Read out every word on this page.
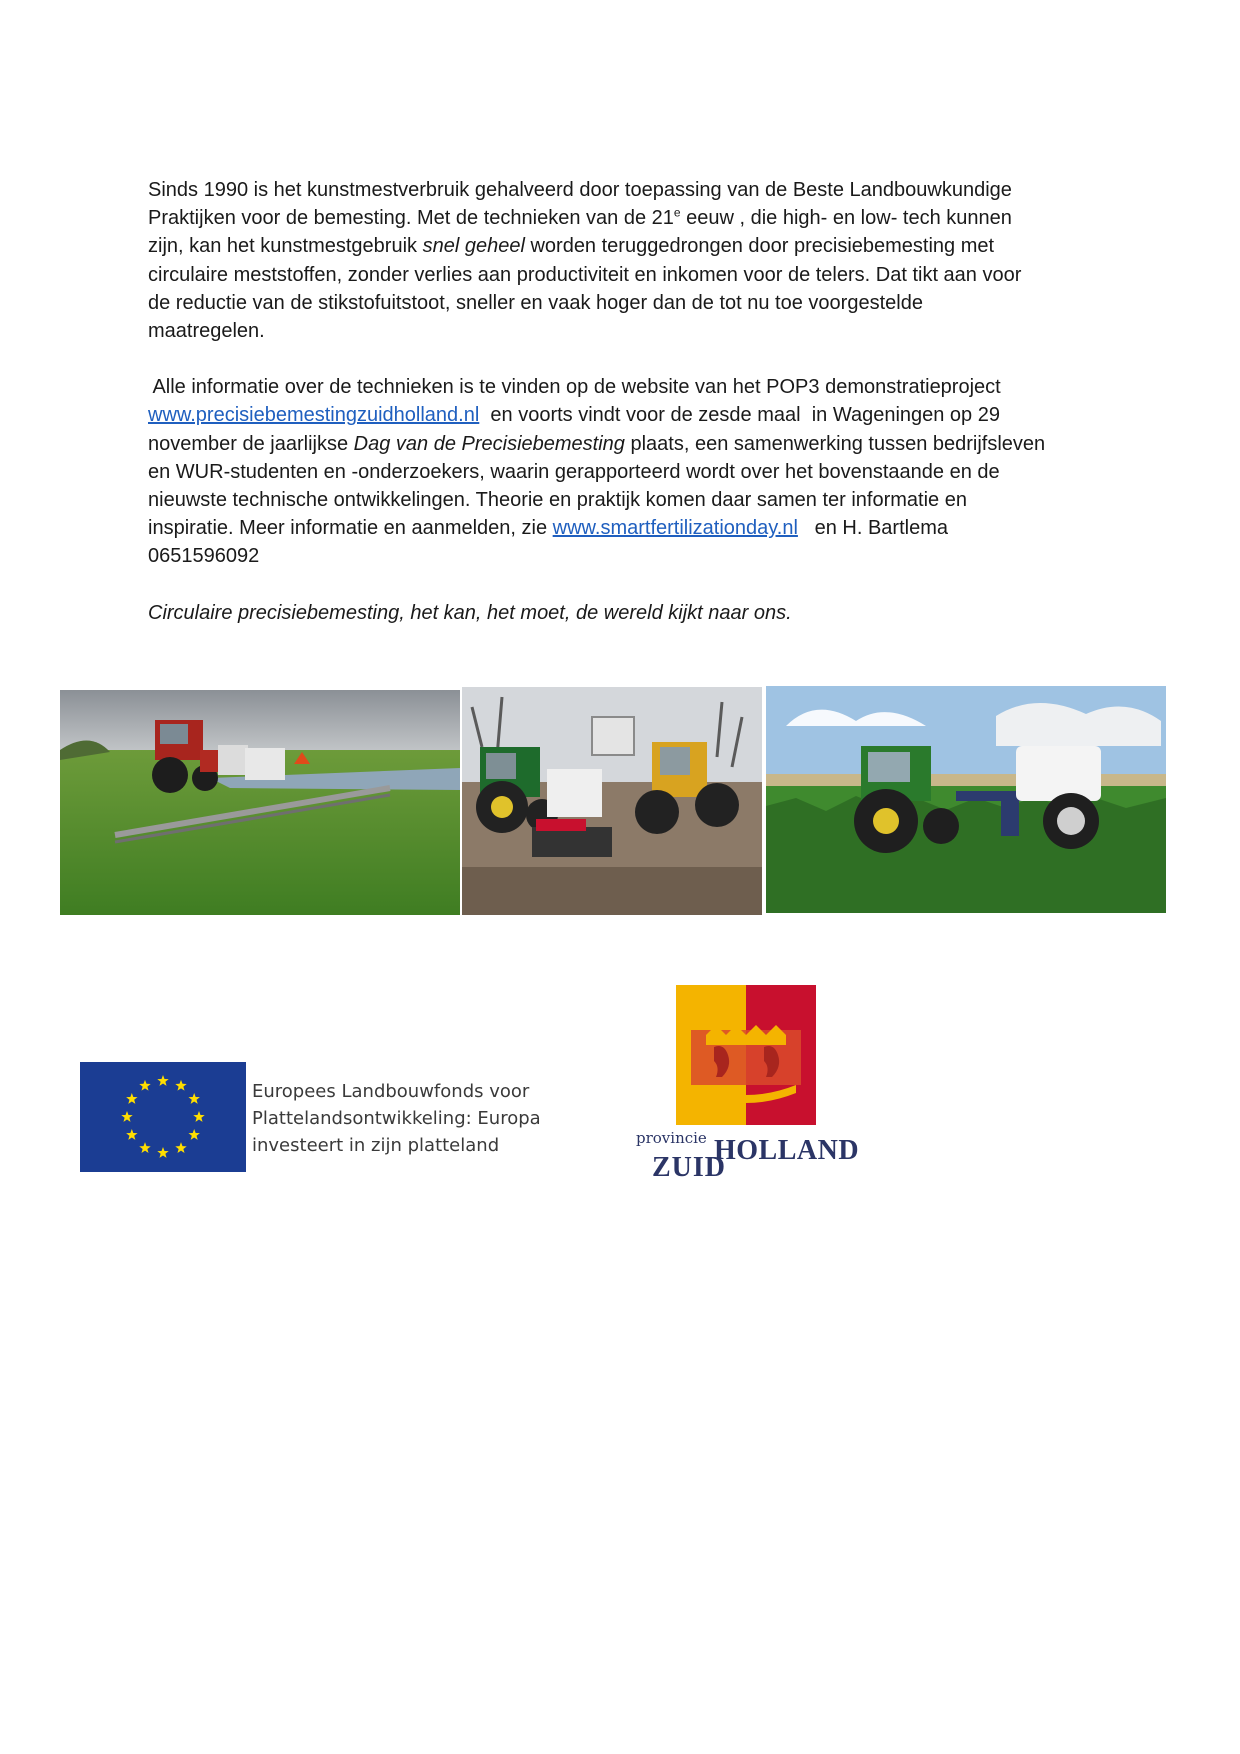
Sinds 1990 is het kunstmestverbruik gehalveerd door toepassing van de Beste Landbouwkundige
Praktijken voor de bemesting. Met de technieken van de 21e eeuw , die high- en low- tech kunnen
zijn, kan het kunstmestgebruik snel geheel worden teruggedrongen door precisiebemesting met
circulaire meststoffen, zonder verlies aan productiviteit en inkomen voor de telers. Dat tikt aan voor
de reductie van de stikstofuitstoot, sneller en vaak hoger dan de tot nu toe voorgestelde
maatregelen.

Alle informatie over de technieken is te vinden op de website van het POP3 demonstratieproject
www.precisiebemestingzuidholland.nl  en voorts vindt voor de zesde maal  in Wageningen op 29
november de jaarlijkse Dag van de Precisiebemesting plaats, een samenwerking tussen bedrijfsleven
en WUR-studenten en -onderzoekers, waarin gerapporteerd wordt over het bovenstaande en de
nieuwste technische ontwikkelingen. Theorie en praktijk komen daar samen ter informatie en
inspiratie. Meer informatie en aanmelden, zie www.smartfertilizationday.nl   en H. Bartlema
0651596092

Circulaire precisiebemesting, het kan, het moet, de wereld kijkt naar ons.

Europees Landbouwfonds voor
Plattelandsontwikkeling: Europa
investeert in zijn platteland	provincie HOLLAND
ZUID
